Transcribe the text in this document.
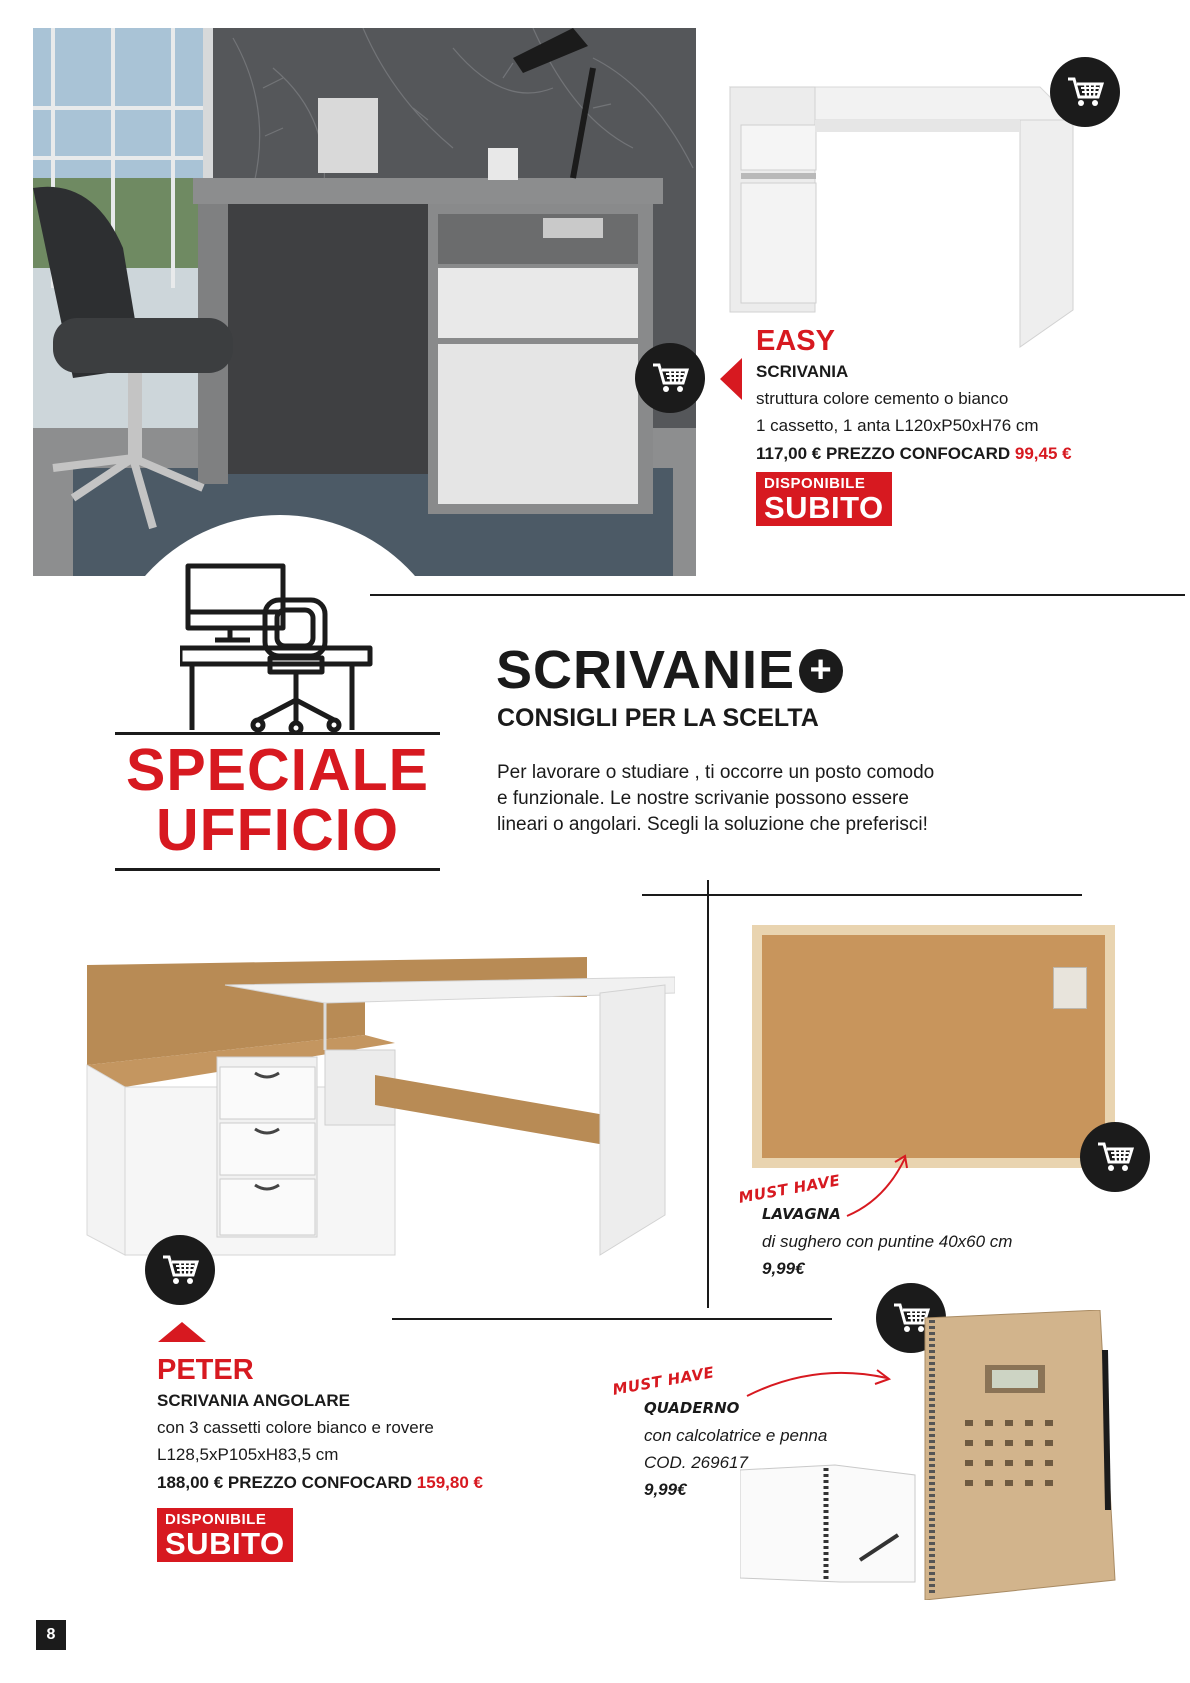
EASY
SCRIVANIA
struttura colore cemento o bianco
1 cassetto, 1 anta L120xP50xH76 cm
117,00 € PREZZO CONFOCARD 99,45 €
DISPONIBILE
SUBITO
SPECIALE
UFFICIO
SCRIVANIE +
CONSIGLI PER LA SCELTA
Per lavorare o studiare , ti occorre un posto comodo
e funzionale. Le nostre scrivanie possono essere
lineari o angolari. Scegli la soluzione che preferisci!
PETER
SCRIVANIA ANGOLARE
con 3 cassetti colore bianco e rovere
L128,5xP105xH83,5 cm
188,00 € PREZZO CONFOCARD 159,80 €
DISPONIBILE
SUBITO
MUST HAVE
LAVAGNA
di sughero con puntine 40x60 cm
9,99€
MUST HAVE
QUADERNO
con calcolatrice e penna
COD. 269617
9,99€
8
